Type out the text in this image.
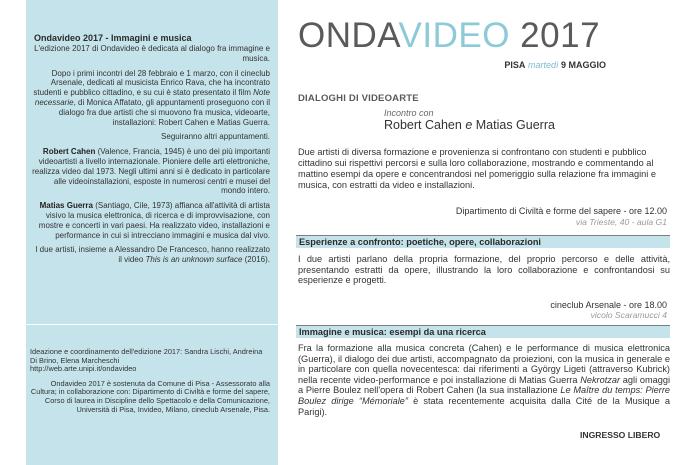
Ondavideo 2017 - Immagini e musica

L'edizione 2017 di Ondavideo è dedicata al dialogo fra immagine e musica.

Dopo i primi incontri del 28 febbraio e 1 marzo, con il cineclub Arsenale, dedicati al musicista Enrico Rava, che ha incontrato studenti e pubblico cittadino, e su cui è stato presentato il film Note necessarie, di Monica Affatato, gli appuntamenti proseguono con il dialogo fra due artisti che si muovono fra musica, videoarte, installazioni: Robert Cahen e Matias Guerra.

Seguiranno altri appuntamenti.

Robert Cahen (Valence, Francia, 1945) è uno dei più importanti videoartisti a livello internazionale. Pioniere delle arti elettroniche, realizza video dal 1973. Negli ultimi anni si è dedicato in particolare alle videoinstallazioni, esposte in numerosi centri e musei del mondo intero.

Matias Guerra (Santiago, Cile, 1973) affianca all'attività di artista visivo la musica elettronica, di ricerca e di improvvisazione, con mostre e concerti in vari paesi. Ha realizzato video, installazioni e performance in cui si intrecciano immagini e musica dal vivo.

I due artisti, insieme a Alessandro De Francesco, hanno realizzato il video This is an unknown surface (2016).

Ideazione e coordinamento dell'edizione 2017: Sandra Lischi, Andreina Di Brino, Elena Marcheschi
http://web.arte.unipi.it/ondavideo

Ondavideo 2017 è sostenuta da Comune di Pisa - Assessorato alla Cultura; in collaborazione con: Dipartimento di Civiltà e forme del sapere, Corso di laurea in Discipline dello Spettacolo e della Comunicazione, Università di Pisa, Invideo, Milano, cineclub Arsenale, Pisa.

ONDAVIDEO 2017
PISA martedì 9 MAGGIO
DIALOGHI DI VIDEOARTE
Incontro con
Robert Cahen e Matias Guerra
Due artisti di diversa formazione e provenienza si confrontano con studenti e pubblico cittadino sui rispettivi percorsi e sulla loro collaborazione, mostrando e commentando al mattino esempi da opere e concentrandosi nel pomeriggio sulla relazione fra immagini e musica, con estratti da video e installazioni.
Dipartimento di Civiltà e forme del sapere - ore 12.00
via Trieste, 40 - aula G1
Esperienze a confronto: poetiche, opere, collaborazioni
I due artisti parlano della propria formazione, del proprio percorso e delle attività, presentando estratti da opere, illustrando la loro collaborazione e confrontandosi su esperienze e progetti.
cineclub Arsenale - ore 18.00
vicolo Scaramucci 4
Immagine e musica: esempi da una ricerca
Fra la formazione alla musica concreta (Cahen) e le performance di musica elettronica (Guerra), il dialogo dei due artisti, accompagnato da proiezioni, con la musica in generale e in particolare con quella novecentesca: dai riferimenti a György Ligeti (attraverso Kubrick) nella recente video-performance e poi installazione di Matias Guerra Nekrotzar agli omaggi a Pierre Boulez nell'opera di Robert Cahen (la sua installazione Le Maître du temps: Pierre Boulez dirige “Mémoriale” è stata recentemente acquisita dalla Cité de la Musique a Parigi).
INGRESSO LIBERO
